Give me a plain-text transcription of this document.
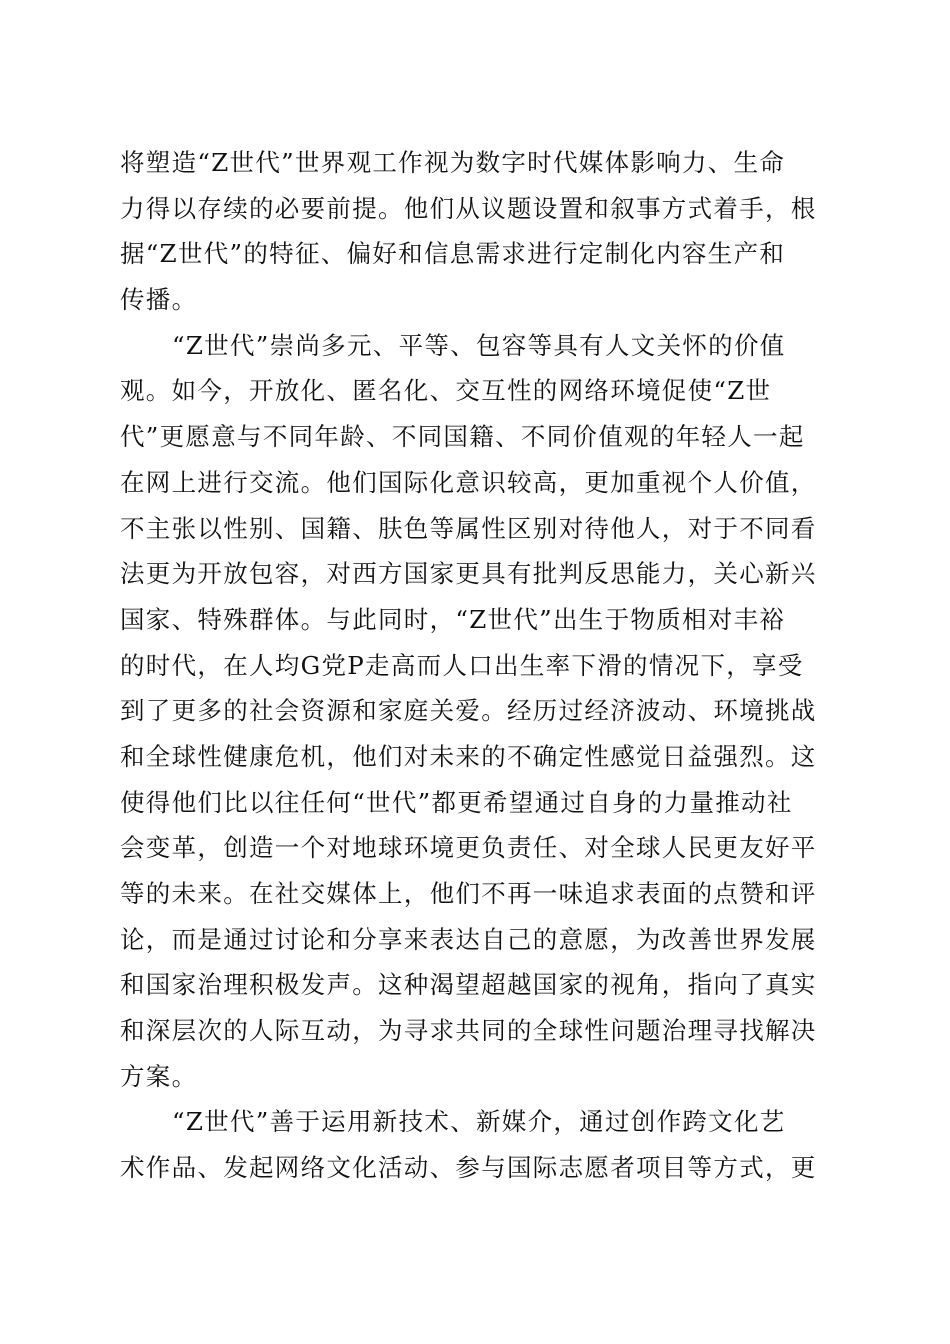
将塑造“Z世代”世界观工作视为数字时代媒体影响力、生命
力得以存续的必要前提。他们从议题设置和叙事方式着手，根
据“Z世代”的特征、偏好和信息需求进行定制化内容生产和
传播。
“Z世代”崇尚多元、平等、包容等具有人文关怀的价值
观。如今，开放化、匿名化、交互性的网络环境促使“Z世
代”更愿意与不同年龄、不同国籍、不同价值观的年轻人一起
在网上进行交流。他们国际化意识较高，更加重视个人价值，
不主张以性别、国籍、肤色等属性区别对待他人，对于不同看
法更为开放包容，对西方国家更具有批判反思能力，关心新兴
国家、特殊群体。与此同时，“Z世代”出生于物质相对丰裕
的时代，在人均G党P走高而人口出生率下滑的情况下，享受
到了更多的社会资源和家庭关爱。经历过经济波动、环境挑战
和全球性健康危机，他们对未来的不确定性感觉日益强烈。这
使得他们比以往任何“世代”都更希望通过自身的力量推动社
会变革，创造一个对地球环境更负责任、对全球人民更友好平
等的未来。在社交媒体上，他们不再一味追求表面的点赞和评
论，而是通过讨论和分享来表达自己的意愿，为改善世界发展
和国家治理积极发声。这种渴望超越国家的视角，指向了真实
和深层次的人际互动，为寻求共同的全球性问题治理寻找解决
方案。
“Z世代”善于运用新技术、新媒介，通过创作跨文化艺
术作品、发起网络文化活动、参与国际志愿者项目等方式，更
